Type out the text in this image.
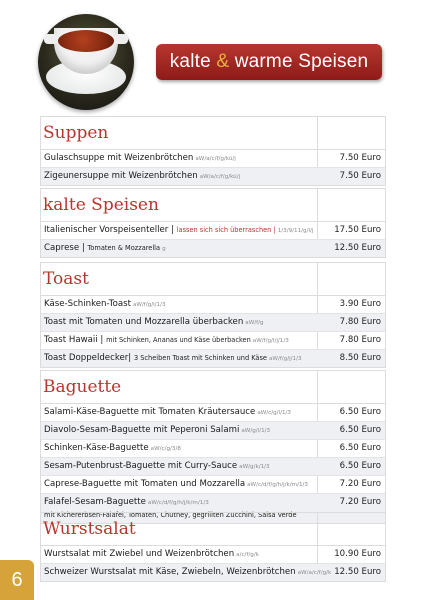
kalte & warme Speisen
Suppen
Gulaschsuppe mit Weizenbrötchen aW/a/c/f/g/kü/j	7.50 Euro
Zigeunersuppe mit Weizenbrötchen aW/a/c/f/g/kü/j	7.50 Euro
kalte Speisen
Italienischer Vorspeisenteller | lassen sich sich überraschen | 1/3/9/11/g/l/j 17.50 Euro
Caprese | Tomaten & Mozzarella g	12.50 Euro
Toast
Käse-Schinken-Toast aW/f/g/l/1/3	3.90 Euro
Toast mit Tomaten und Mozzarella überbacken aW/f/g	7.80 Euro
Toast Hawaii | mit Schinken, Ananas und Käse überbacken aW/f/g/l/j/1/3	7.80 Euro
Toast Doppeldecker| 3 Scheiben Toast mit Schinken und Käse aW/f/g/j/1/3	8.50 Euro
Baguette
Salami-Käse-Baguette mit Tomaten Kräutersauce aW/c/g/l/1/3	6.50 Euro
Diavolo-Sesam-Baguette mit Peperoni Salami aW/g/l/1/3	6.50 Euro
Schinken-Käse-Baguette aW/c/g/3/8	6.50 Euro
Sesam-Putenbrust-Baguette mit Curry-Sauce aW/g/k/1/3	6.50 Euro
Caprese-Baguette mit Tomaten und Mozzarella aW/c/d/f/g/h/j/k/m/1/3	7.20 Euro
Falafel-Sesam-Baguette aW/c/d/f/g/h/j/k/m/1/3	7.20 Euro

mit Kichererbsen-Falafel, Tomaten, Chutney, gegrillten Zucchini, Salsa Verde
Wurstsalat
Wurstsalat mit Zwiebel und Weizenbrötchen a/c/f/g/k	10.90 Euro
Schweizer Wurstsalat mit Käse, Zwiebeln, Weizenbrötchen aW/a/c/f/g/k 12.50 Euro
6
